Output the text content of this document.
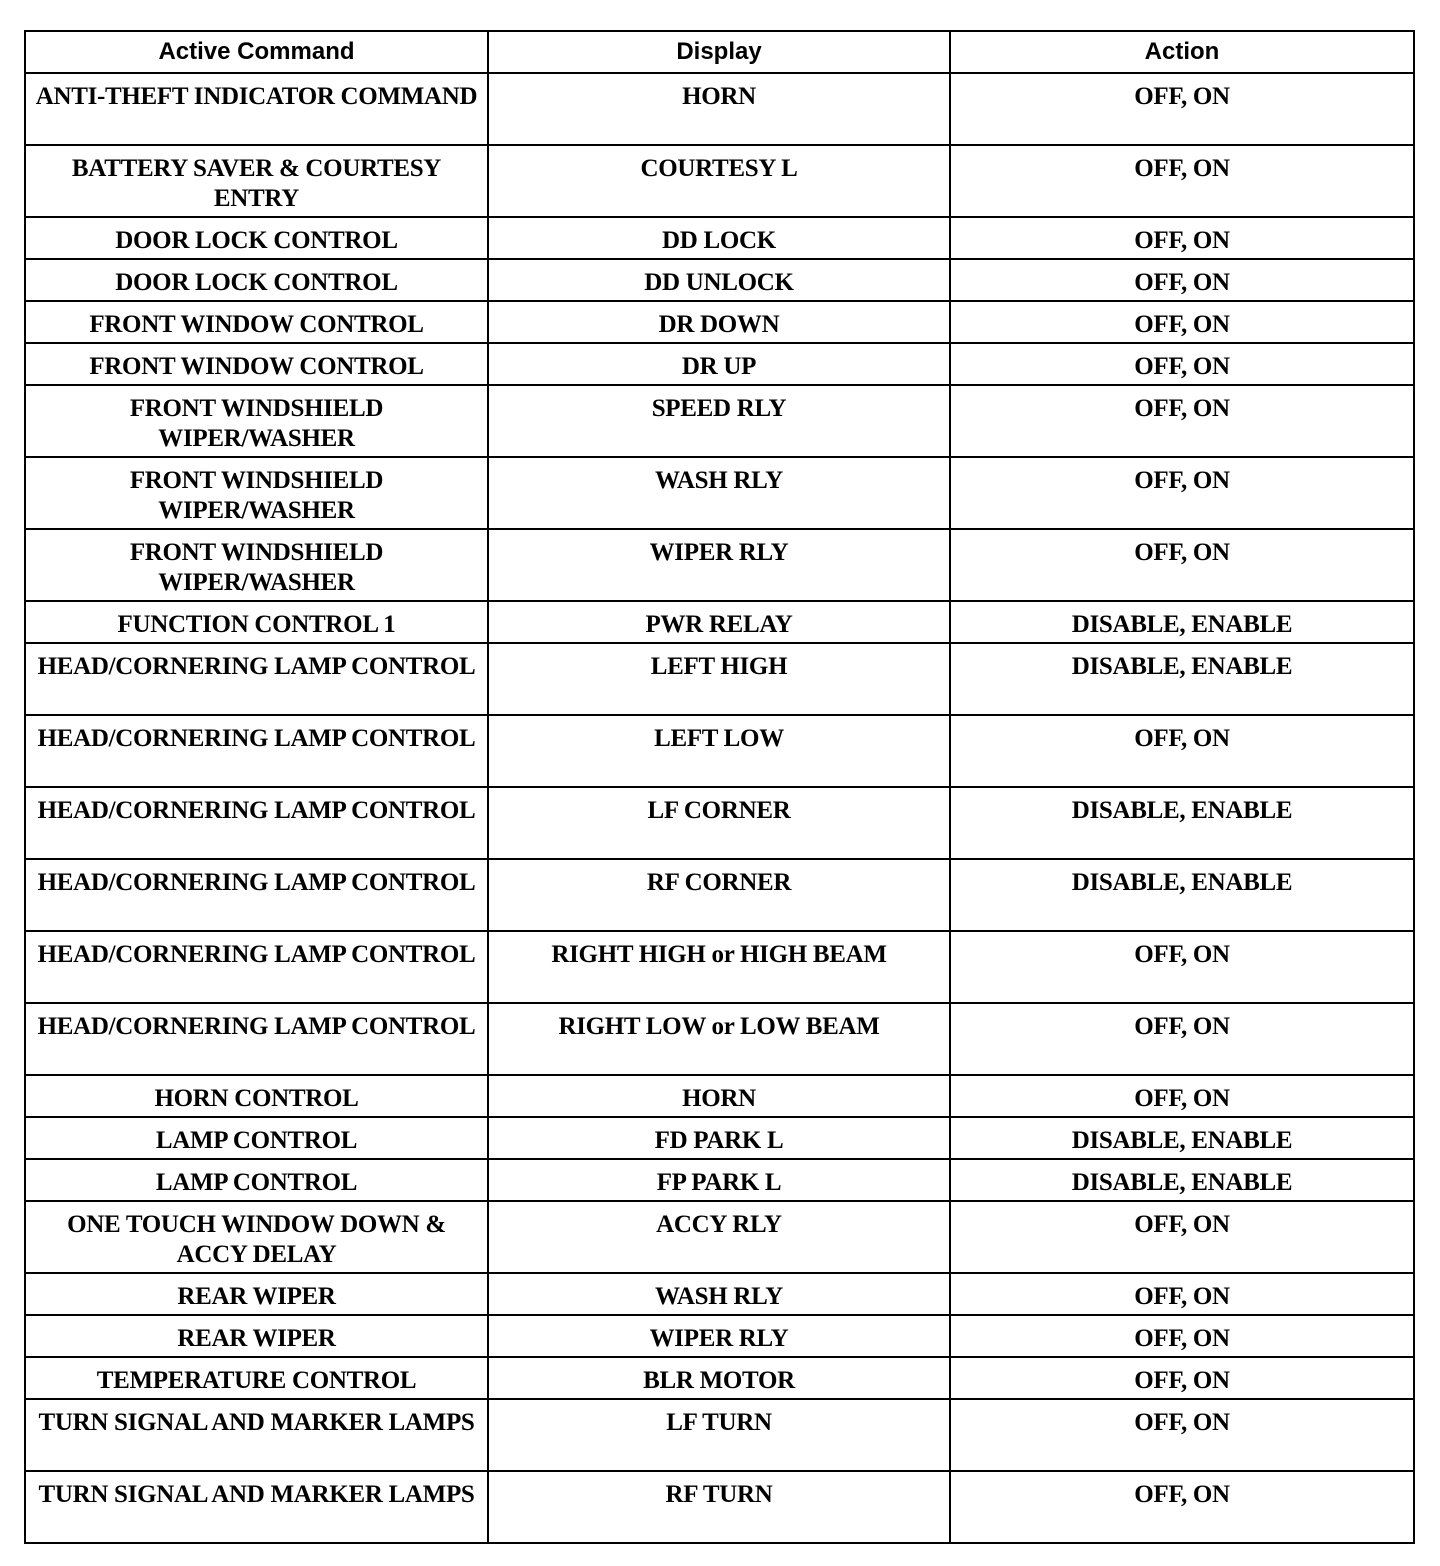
Active Command	Display	Action
ANTI-THEFT INDICATOR COMMAND	HORN	OFF, ON
BATTERY SAVER & COURTESY ENTRY	COURTESY L	OFF, ON
DOOR LOCK CONTROL	DD LOCK	OFF, ON
DOOR LOCK CONTROL	DD UNLOCK	OFF, ON
FRONT WINDOW CONTROL	DR DOWN	OFF, ON
FRONT WINDOW CONTROL	DR UP	OFF, ON
FRONT WINDSHIELD WIPER/WASHER	SPEED RLY	OFF, ON
FRONT WINDSHIELD WIPER/WASHER	WASH RLY	OFF, ON
FRONT WINDSHIELD WIPER/WASHER	WIPER RLY	OFF, ON
FUNCTION CONTROL 1	PWR RELAY	DISABLE, ENABLE
HEAD/CORNERING LAMP CONTROL	LEFT HIGH	DISABLE, ENABLE
HEAD/CORNERING LAMP CONTROL	LEFT LOW	OFF, ON
HEAD/CORNERING LAMP CONTROL	LF CORNER	DISABLE, ENABLE
HEAD/CORNERING LAMP CONTROL	RF CORNER	DISABLE, ENABLE
HEAD/CORNERING LAMP CONTROL	RIGHT HIGH or HIGH BEAM	OFF, ON
HEAD/CORNERING LAMP CONTROL	RIGHT LOW or LOW BEAM	OFF, ON
HORN CONTROL	HORN	OFF, ON
LAMP CONTROL	FD PARK L	DISABLE, ENABLE
LAMP CONTROL	FP PARK L	DISABLE, ENABLE
ONE TOUCH WINDOW DOWN & ACCY DELAY	ACCY RLY	OFF, ON
REAR WIPER	WASH RLY	OFF, ON
REAR WIPER	WIPER RLY	OFF, ON
TEMPERATURE CONTROL	BLR MOTOR	OFF, ON
TURN SIGNAL AND MARKER LAMPS	LF TURN	OFF, ON
TURN SIGNAL AND MARKER LAMPS	RF TURN	OFF, ON
